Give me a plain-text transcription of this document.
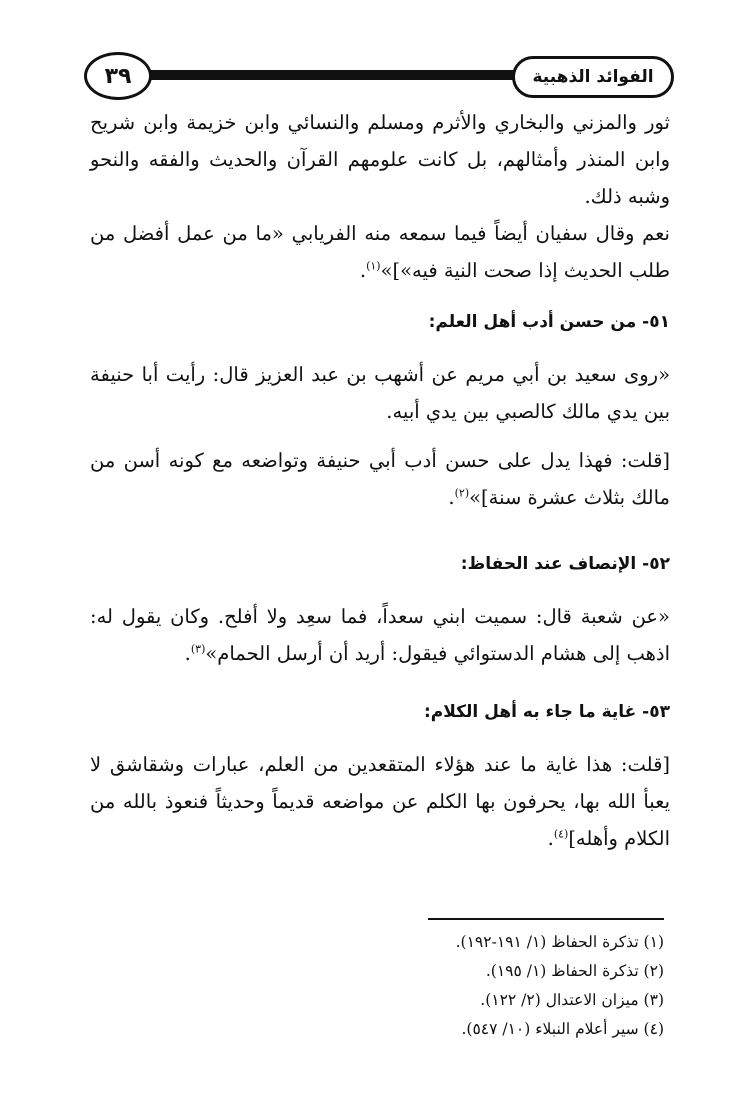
٣٩	الفوائد الذهبية

ثور والمزني والبخاري والأثرم ومسلم والنسائي وابن خزيمة وابن شريح وابن المنذر وأمثالهم، بل كانت علومهم القرآن والحديث والفقه والنحو وشبه ذلك.

نعم وقال سفيان أيضاً فيما سمعه منه الفريابي «ما من عمل أفضل من طلب الحديث إذا صحت النية فيه»]»$^{(١)}$.

٥١- من حسن أدب أهل العلم:

«روى سعيد بن أبي مريم عن أشهب بن عبد العزيز قال: رأيت أبا حنيفة بين يدي مالك كالصبي بين يدي أبيه.

[قلت: فهذا يدل على حسن أدب أبي حنيفة وتواضعه مع كونه أسن من مالك بثلاث عشرة سنة]»$^{(٢)}$.

٥٢- الإنصاف عند الحفاظ:

«عن شعبة قال: سميت ابني سعداً، فما سعِد ولا أفلح. وكان يقول له: اذهب إلى هشام الدستوائي فيقول: أريد أن أرسل الحمام»$^{(٣)}$.

٥٣- غاية ما جاء به أهل الكلام:

[قلت: هذا غاية ما عند هؤلاء المتقعدين من العلم، عبارات وشقاشق لا يعبأ الله بها، يحرفون بها الكلم عن مواضعه قديماً وحديثاً فنعوذ بالله من الكلام وأهله]$^{(٤)}$.

(١) تذكرة الحفاظ (١/ ١٩١-١٩٢).
(٢) تذكرة الحفاظ (١/ ١٩٥).
(٣) ميزان الاعتدال (٢/ ١٢٢).
(٤) سير أعلام النبلاء (١٠/ ٥٤٧).
